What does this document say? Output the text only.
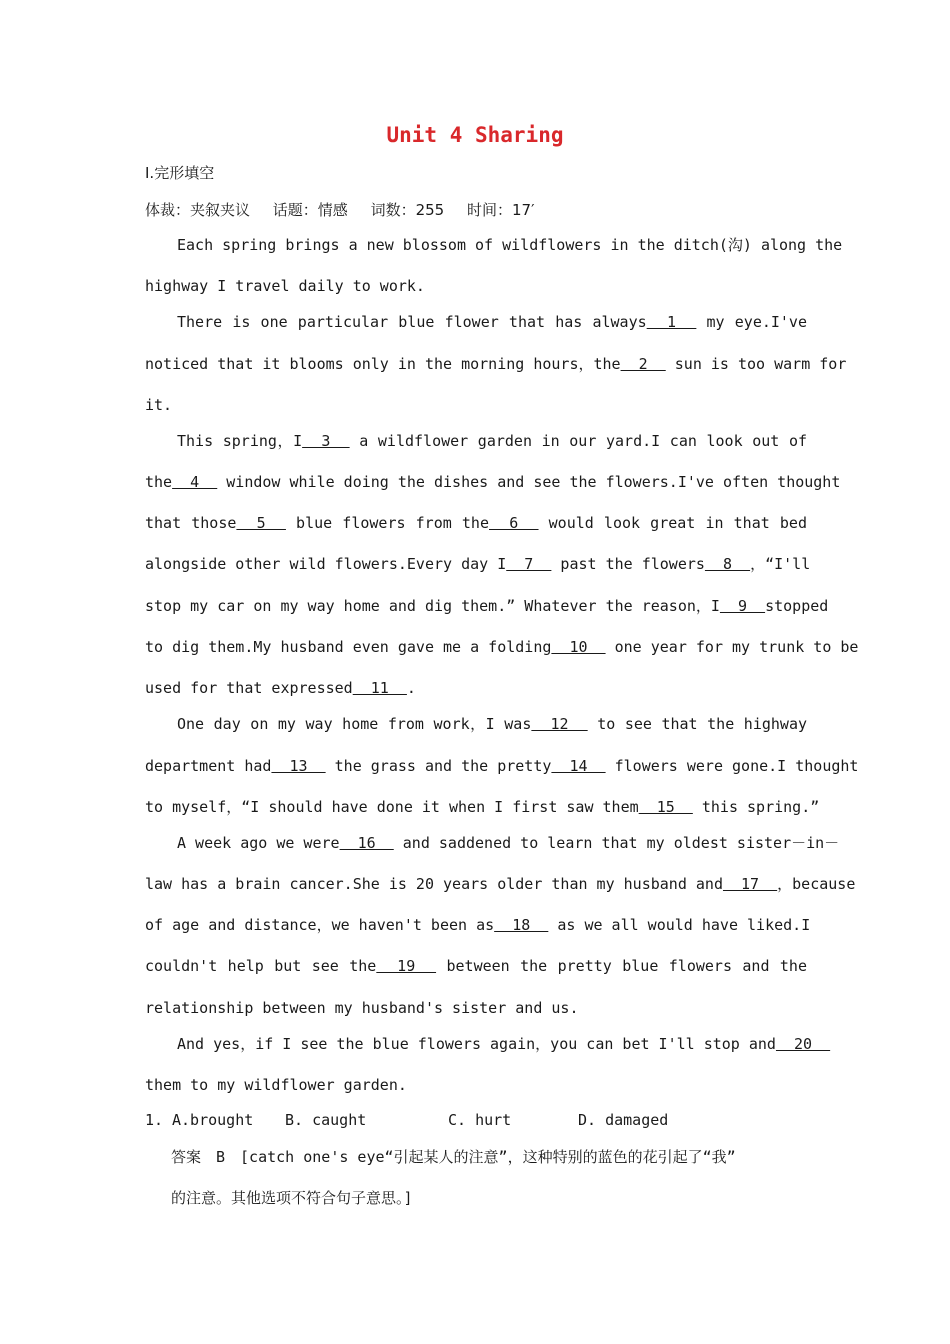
Unit 4 Sharing

Ⅰ.完形填空

体裁：夹叙夹议 话题：情感 词数：255 时间：17′

Each spring brings a new blossom of wildflowers in the ditch(沟) along the

highway I travel daily to work.

There is one particular blue flower that has always  1   my eye.I've

noticed that it blooms only in the morning hours，the  2   sun is too warm for

it.

This spring，I  3   a wildflower garden in our yard.I can look out of

the  4   window while doing the dishes and see the flowers.I've often thought

that those  5   blue flowers from the  6   would look great in that bed

alongside other wild flowers.Every day I  7   past the flowers  8  ，“I'll

stop my car on my way home and dig them.” Whatever the reason，I  9  stopped

to dig them.My husband even gave me a folding  10   one year for my trunk to be

used for that expressed  11  .

One day on my way home from work，I was  12   to see that the highway

department had  13   the grass and the pretty  14   flowers were gone.I thought

to myself，“I should have done it when I first saw them  15   this spring.”

A week ago we were  16   and saddened to learn that my oldest sister－in－

law has a brain cancer.She is 20 years older than my husband and  17  ，because

of age and distance，we haven't been as  18   as we all would have liked.I

couldn't help but see the  19   between the pretty blue flowers and the

relationship between my husband's sister and us.

And yes，if I see the blue flowers again，you can bet I'll stop and  20

them to my wildflower garden.

1. A.brought B. caught	C. hurt	D. damaged

答案　B　[catch one's eye“引起某人的注意”，这种特别的蓝色的花引起了“我”

的注意。其他选项不符合句子意思。]
